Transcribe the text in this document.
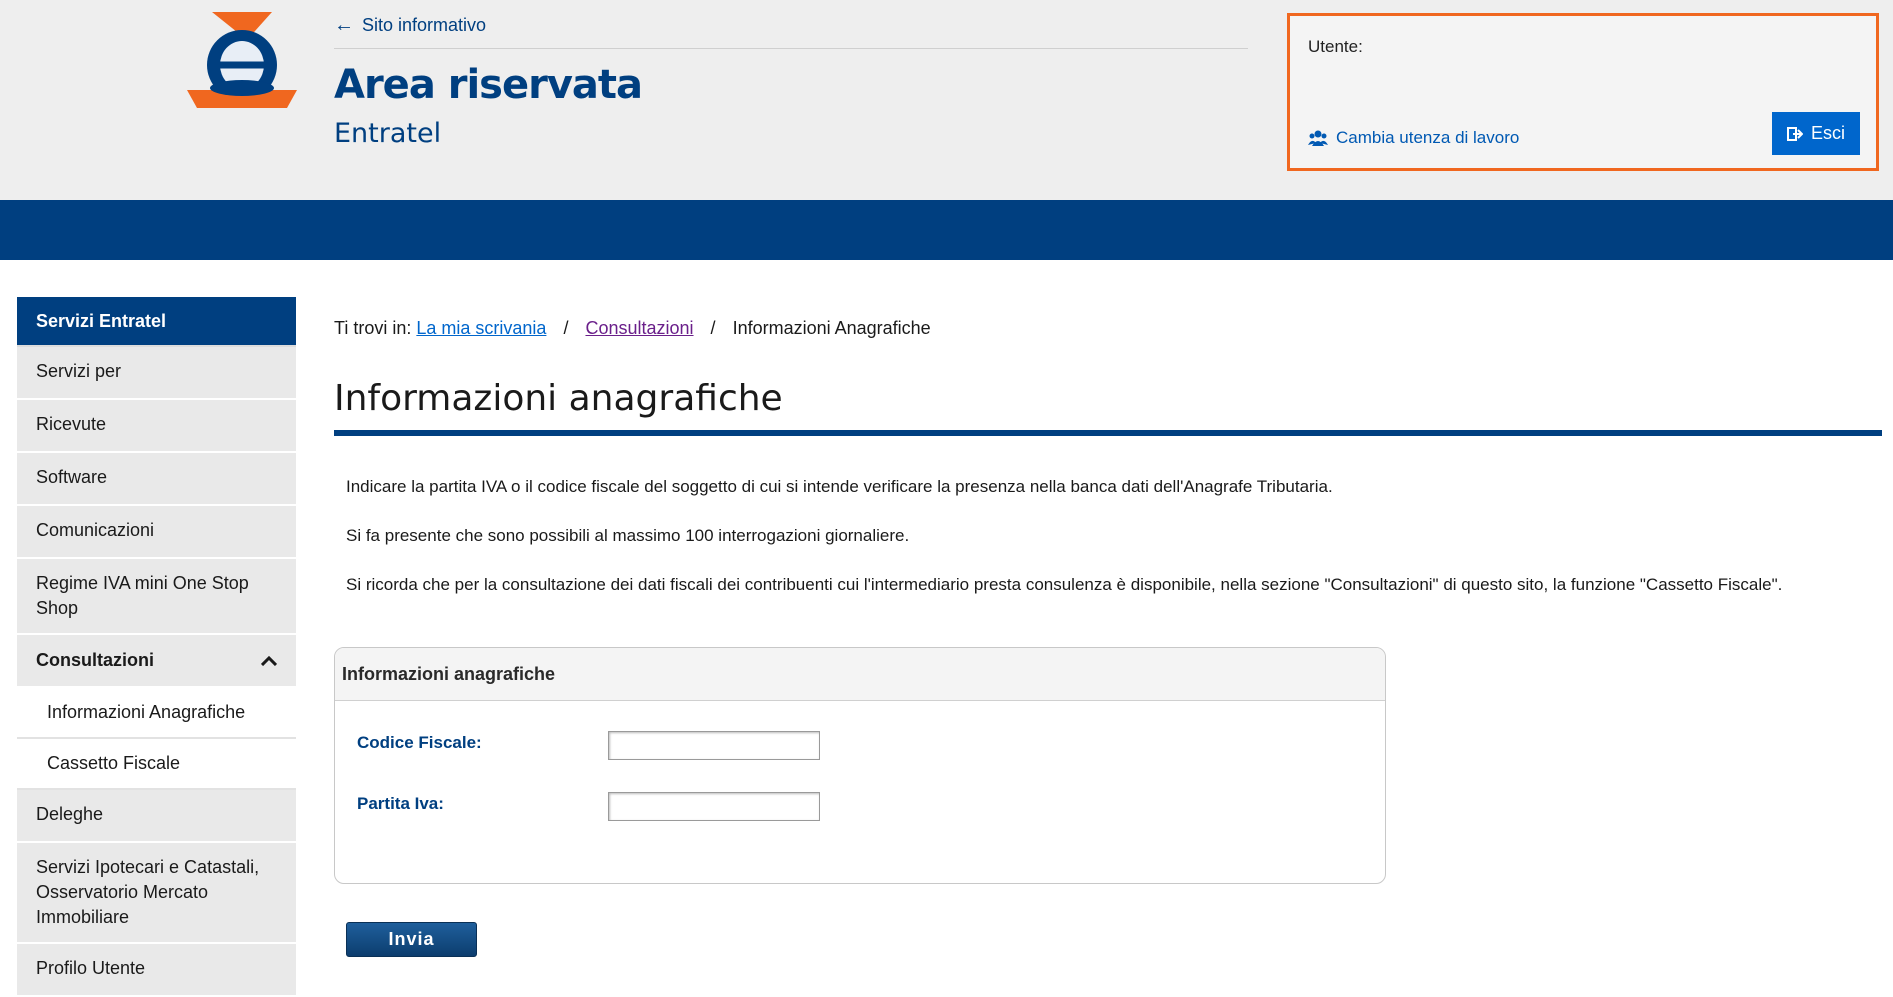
← Sito informativo
Area riservata
Entratel
Utente:
Cambia utenza di lavoro	Esci
Servizi Entratel
Servizi per
Ricevute
Software
Comunicazioni
Regime IVA mini One Stop Shop
Consultazioni
Informazioni Anagrafiche
Cassetto Fiscale
Deleghe
Servizi Ipotecari e Catastali, Osservatorio Mercato Immobiliare
Profilo Utente
Ti trovi in: La mia scrivania / Consultazioni / Informazioni Anagrafiche
Informazioni anagrafiche
Indicare la partita IVA o il codice fiscale del soggetto di cui si intende verificare la presenza nella banca dati dell'Anagrafe Tributaria.
Si fa presente che sono possibili al massimo 100 interrogazioni giornaliere.
Si ricorda che per la consultazione dei dati fiscali dei contribuenti cui l'intermediario presta consulenza è disponibile, nella sezione "Consultazioni" di questo sito, la funzione "Cassetto Fiscale".
Informazioni anagrafiche
Codice Fiscale:
Partita Iva:
Invia
